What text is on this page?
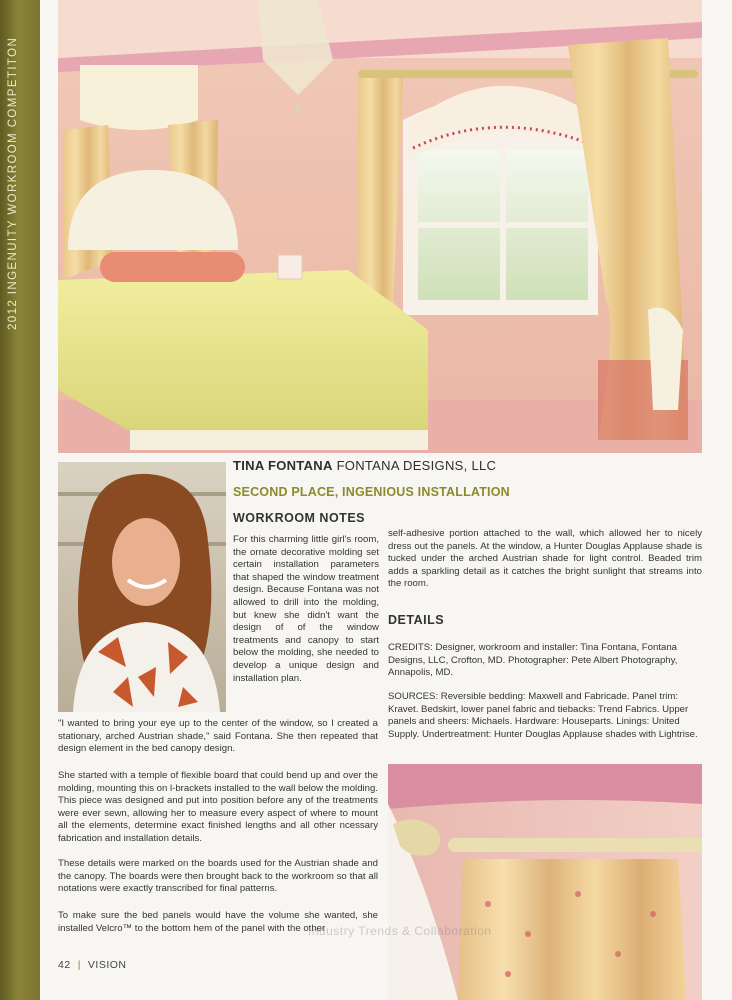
2012 INGENUITY WORKROOM COMPETITON
TINA FONTANA FONTANA DESIGNS, LLC
SECOND PLACE, INGENIOUS INSTALLATION
WORKROOM NOTES

For this charming little girl's room, the ornate decorative molding set certain installation parameters that shaped the window treatment design. Because Fontana was not allowed to drill into the molding, but knew she didn't want the design of of the window treatments and canopy to start below the molding, she needed to develop a unique design and installation plan.

"I wanted to bring your eye up to the center of the window, so I created a stationary, arched Austrian shade," said Fontana. She then repeated that design element in the bed canopy design.

She started with a temple of flexible board that could bend up and over the molding, mounting this on l-brackets installed to the wall below the molding. This piece was designed and put into position before any of the treatments were ever sewn, allowing her to measure every aspect of where to mount all the elements, determine exact finished lengths and all other ncessary fabrication and installation details.

These details were marked on the boards used for the Austrian shade and the canopy. The boards were then brought back to the workroom so that all notations were exactly transcribed for final patterns.

To make sure the bed panels would have the volume she wanted, she installed Velcro™ to the bottom hem of the panel with the other

self-adhesive portion attached to the wall, which allowed her to nicely dress out the panels. At the window, a Hunter Douglas Applause shade is tucked under the arched Austrian shade for light control. Beaded trim adds a sparkling detail as it catches the bright sunlight that streams into the room.

DETAILS

CREDITS: Designer, workroom and installer: Tina Fontana, Fontana Designs, LLC, Crofton, MD. Photographer: Pete Albert Photography, Annapolis, MD.

SOURCES: Reversible bedding: Maxwell and Fabricade. Panel trim: Kravet. Bedskirt, lower panel fabric and tiebacks: Trend Fabrics. Upper panels and sheers: Michaels. Hardware: Houseparts. Linings: United Supply. Undertreatment: Hunter Douglas Applause shades with Lightrise.

Industry Trends & Collaboration
42 | VISION
